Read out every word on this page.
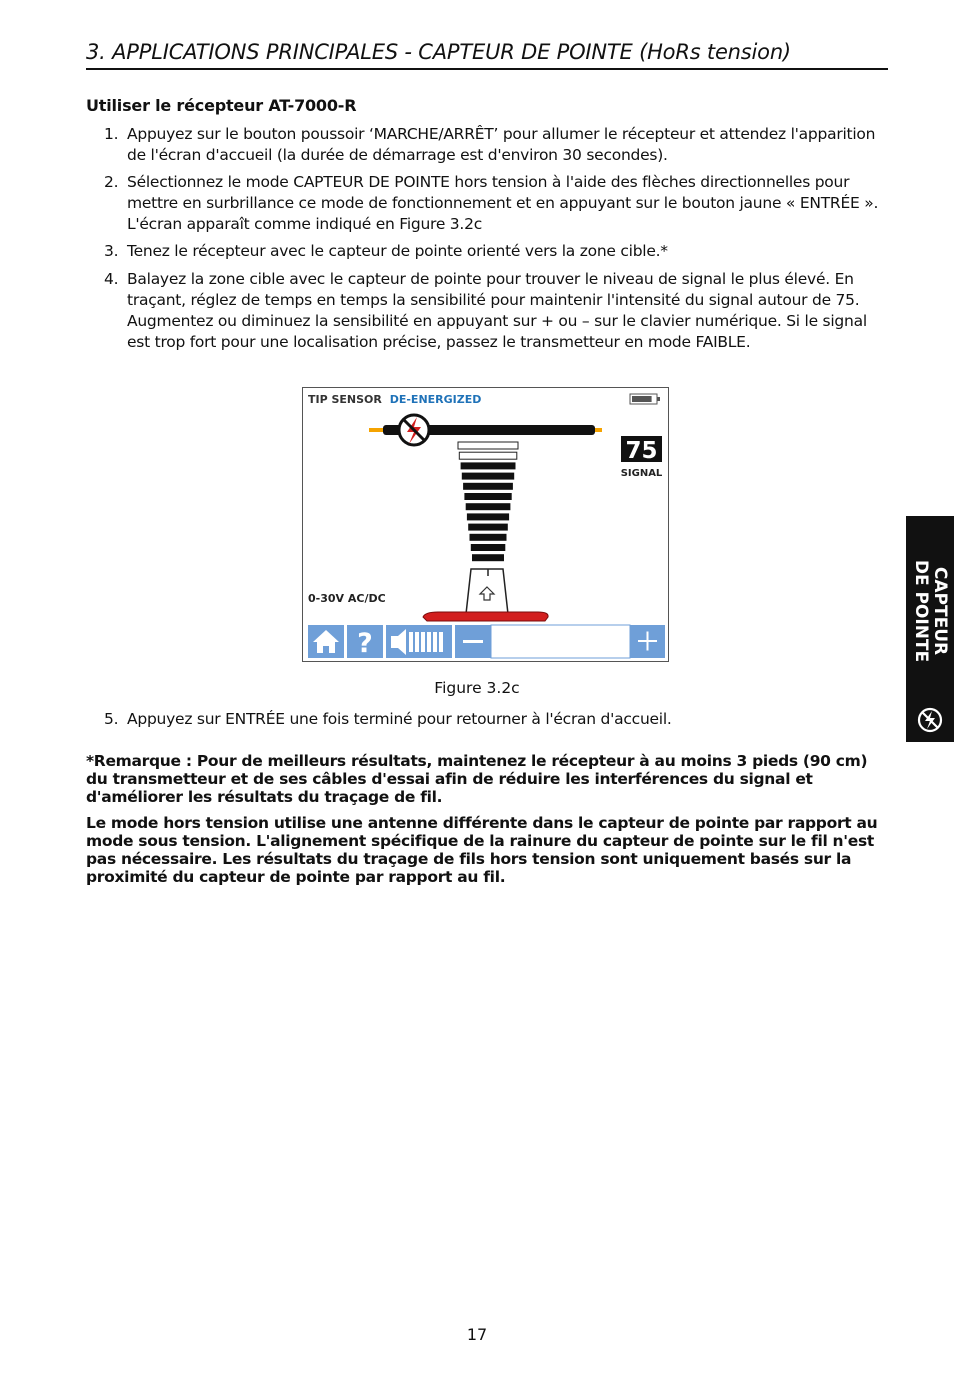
3. APPLICATIONS PRINCIPALES - CAPTEUR DE POINTE (HoRs tension)
Utiliser le récepteur AT-7000-R
1. Appuyez sur le bouton poussoir ‘MARCHE/ARRÊT’ pour allumer le récepteur et attendez l'apparition de l'écran d'accueil (la durée de démarrage est d'environ 30 secondes).
2. Sélectionnez le mode CAPTEUR DE POINTE hors tension à l'aide des flèches directionnelles pour mettre en surbrillance ce mode de fonctionnement et en appuyant sur le bouton jaune « ENTRÉE ». L'écran apparaît comme indiqué en Figure 3.2c
3. Tenez le récepteur avec le capteur de pointe orienté vers la zone cible.*
4. Balayez la zone cible avec le capteur de pointe pour trouver le niveau de signal le plus élevé. En traçant, réglez de temps en temps la sensibilité pour maintenir l'intensité du signal autour de 75. Augmentez ou diminuez la sensibilité en appuyant sur + ou – sur le clavier numérique. Si le signal est trop fort pour une localisation précise, passez le transmetteur en mode FAIBLE.
TIP SENSOR DE-ENERGIZED
75
SIGNAL
0-30V AC/DC
?
Figure 3.2c
5. Appuyez sur ENTRÉE une fois terminé pour retourner à l'écran d'accueil.
*Remarque : Pour de meilleurs résultats, maintenez le récepteur à au moins 3 pieds (90 cm) du transmetteur et de ses câbles d'essai afin de réduire les interférences du signal et d'améliorer les résultats du traçage de fil.
Le mode hors tension utilise une antenne différente dans le capteur de pointe par rapport au mode sous tension. L'alignement spécifique de la rainure du capteur de pointe sur le fil n'est pas nécessaire. Les résultats du traçage de fils hors tension sont uniquement basés sur la proximité du capteur de pointe par rapport au fil.
CAPTEUR
DE POINTE
17
